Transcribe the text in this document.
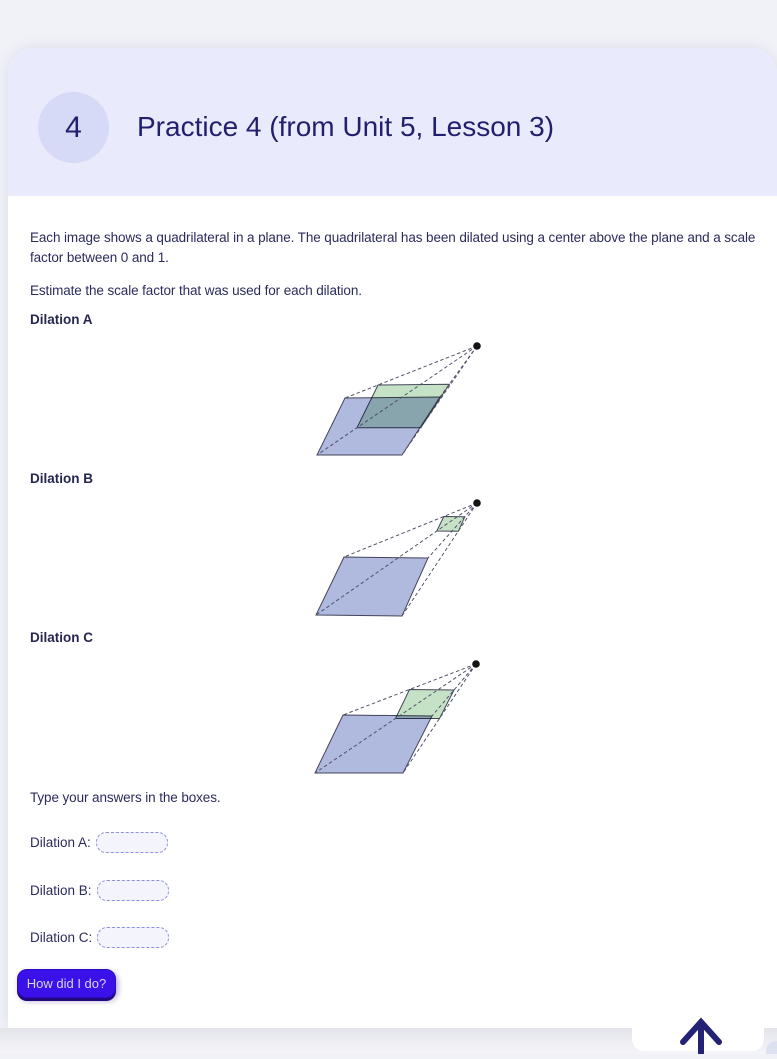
4 Practice 4 (from Unit 5, Lesson 3)

Each image shows a quadrilateral in a plane. The quadrilateral has been dilated using a center above the plane and a scale factor between 0 and 1.

Estimate the scale factor that was used for each dilation.

Dilation A
Dilation B
Dilation C

Type your answers in the boxes.

Dilation A:
Dilation B:
Dilation C:
How did I do?
